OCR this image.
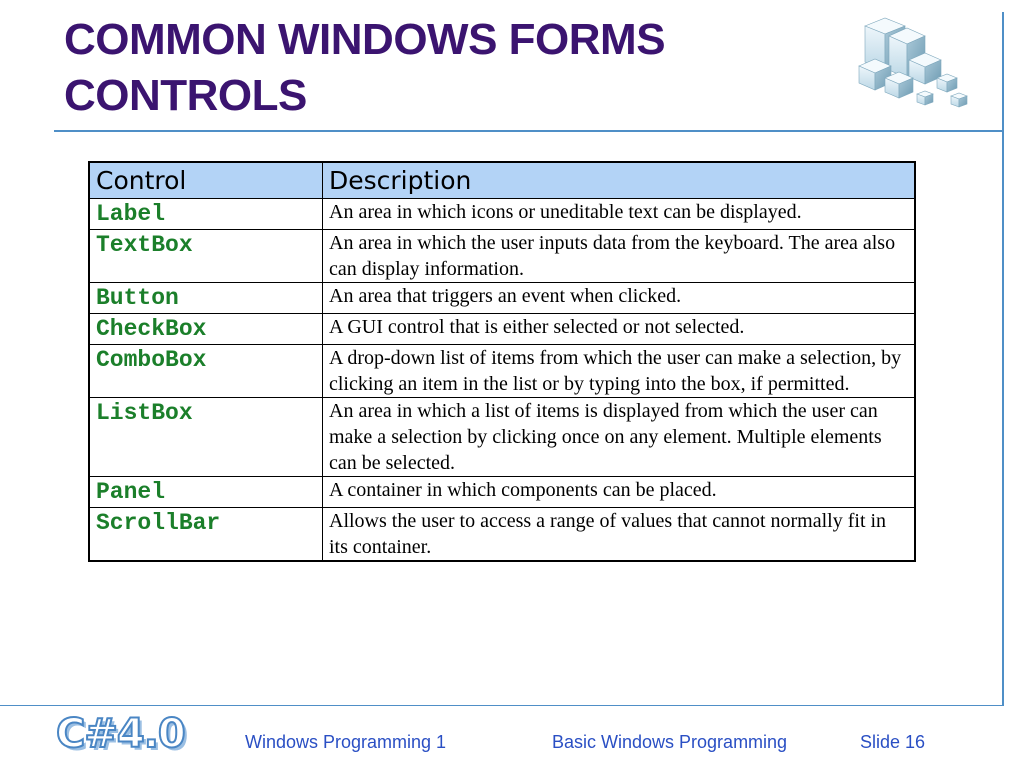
COMMON WINDOWS FORMS
CONTROLS
Control	Description
Label	An area in which icons or uneditable text can be displayed.
TextBox	An area in which the user inputs data from the keyboard. The area also can display information.
Button	An area that triggers an event when clicked.
CheckBox	A GUI control that is either selected or not selected.
ComboBox	A drop-down list of items from which the user can make a selection, by clicking an item in the list or by typing into the box, if permitted.
ListBox	An area in which a list of items is displayed from which the user can make a selection by clicking once on any element. Multiple elements can be selected.
Panel	A container in which components can be placed.
ScrollBar	Allows the user to access a range of values that cannot normally fit in its container.
C#4.0	Windows Programming 1	Basic Windows Programming	Slide 16
